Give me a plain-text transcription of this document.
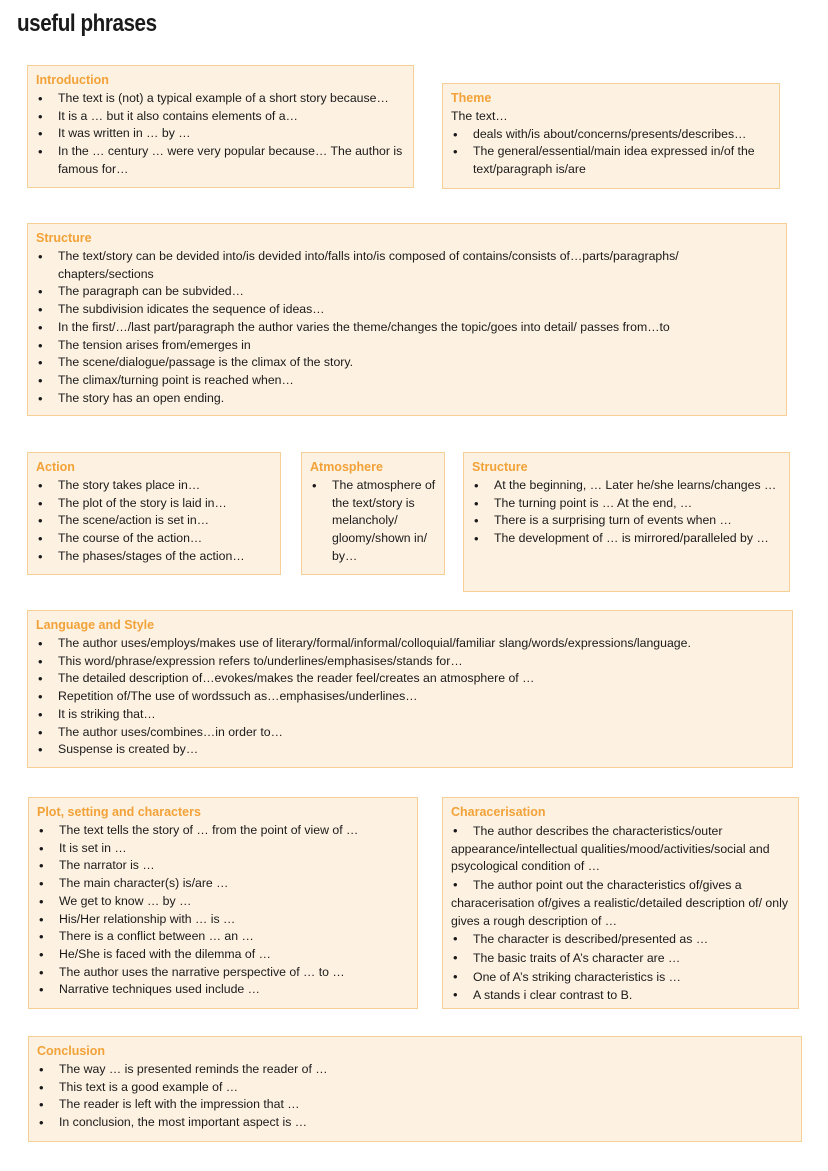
useful phrases
Introduction
• The text is (not) a typical example of a short story because…
• It is a … but it also contains elements of a…
• It was written in … by …
• In the … century … were very popular because… The author is famous for…
Theme

The text…

• deals with/is about/concerns/presents/describes…
• The general/essential/main idea expressed in/of the text/paragraph is/are
Structure
• The text/story can be devided into/is devided into/falls into/is composed of contains/consists of…parts/paragraphs/ chapters/sections
• The paragraph can be subvided…
• The subdivision idicates the sequence of ideas…
• In the first/…/last part/paragraph the author varies the theme/changes the topic/goes into detail/ passes from…to
• The tension arises from/emerges in
• The scene/dialogue/passage is the climax of the story.
• The climax/turning point is reached when…
• The story has an open ending.
Action
• The story takes place in…
• The plot of the story is laid in…
• The scene/action is set in…
• The course of the action…
• The phases/stages of the action…
Atmosphere
• The atmosphere of the text/story is melancholy/ gloomy/shown in/ by…
Structure
• At the beginning, … Later he/she learns/changes …
• The turning point is … At the end, …
• There is a surprising turn of events when …
• The development of … is mirrored/paralleled by …
Language and Style
• The author uses/employs/makes use of literary/formal/informal/colloquial/familiar slang/words/expressions/language.
• This word/phrase/expression refers to/underlines/emphasises/stands for…
• The detailed description of…evokes/makes the reader feel/creates an atmosphere of …
• Repetition of/The use of wordssuch as…emphasises/underlines…
• It is striking that…
• The author uses/combines…in order to…
• Suspense is created by…
Plot, setting and characters
• The text tells the story of … from the point of view of …
• It is set in …
• The narrator is …
• The main character(s) is/are …
• We get to know … by …
• His/Her relationship with … is …
• There is a conflict between … an …
• He/She is faced with the dilemma of …
• The author uses the narrative perspective of … to …
• Narrative techniques used include …
Characerisation
• The author describes the characteristics/outer appearance/intellectual qualities/mood/activities/social and psycological condition of …
• The author point out the characteristics of/gives a characerisation of/gives a realistic/detailed description of/ only gives a rough description of …
• The character is described/presented as …
• The basic traits of A’s character are …
• One of A’s striking characteristics is …
• A stands i clear contrast to B.
Conclusion
• The way … is presented reminds the reader of …
• This text is a good example of …
• The reader is left with the impression that …
• In conclusion, the most important aspect is …
